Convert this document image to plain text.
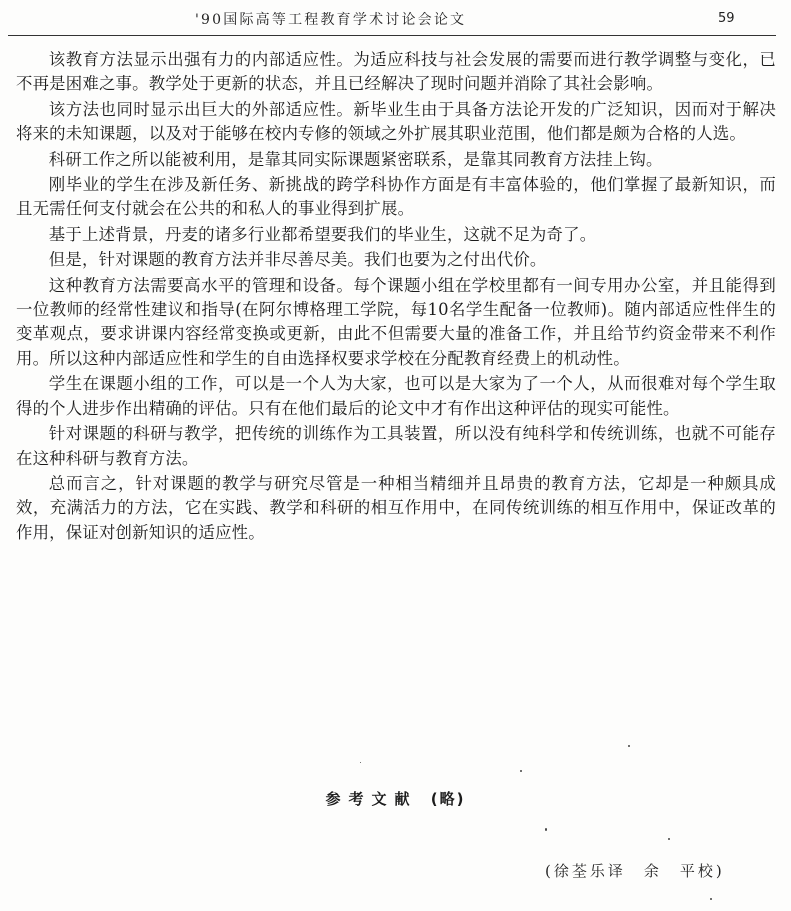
'90国际高等工程教育学术讨论会论文	59

该教育方法显示出强有力的内部适应性。为适应科技与社会发展的需要而进行教学调整与变化，已不再是困难之事。教学处于更新的状态，并且已经解决了现时问题并消除了其社会影响。

该方法也同时显示出巨大的外部适应性。新毕业生由于具备方法论开发的广泛知识，因而对于解决将来的未知课题，以及对于能够在校内专修的领域之外扩展其职业范围，他们都是颇为合格的人选。

科研工作之所以能被利用，是靠其同实际课题紧密联系，是靠其同教育方法挂上钩。

刚毕业的学生在涉及新任务、新挑战的跨学科协作方面是有丰富体验的，他们掌握了最新知识，而且无需任何支付就会在公共的和私人的事业得到扩展。

基于上述背景，丹麦的诸多行业都希望要我们的毕业生，这就不足为奇了。

但是，针对课题的教育方法并非尽善尽美。我们也要为之付出代价。

这种教育方法需要高水平的管理和设备。每个课题小组在学校里都有一间专用办公室，并且能得到一位教师的经常性建议和指导(在阿尔博格理工学院，每10名学生配备一位教师)。随内部适应性伴生的变革观点，要求讲课内容经常变换或更新，由此不但需要大量的准备工作，并且给节约资金带来不利作用。所以这种内部适应性和学生的自由选择权要求学校在分配教育经费上的机动性。

学生在课题小组的工作，可以是一个人为大家，也可以是大家为了一个人，从而很难对每个学生取得的个人进步作出精确的评估。只有在他们最后的论文中才有作出这种评估的现实可能性。

针对课题的科研与教学，把传统的训练作为工具装置，所以没有纯科学和传统训练，也就不可能存在这种科研与教育方法。

总而言之，针对课题的教学与研究尽管是一种相当精细并且昂贵的教育方法，它却是一种颇具成效，充满活力的方法，它在实践、教学和科研的相互作用中，在同传统训练的相互作用中，保证改革的作用，保证对创新知识的适应性。

参考文献 (略)
(徐荃乐译　余　平校)
